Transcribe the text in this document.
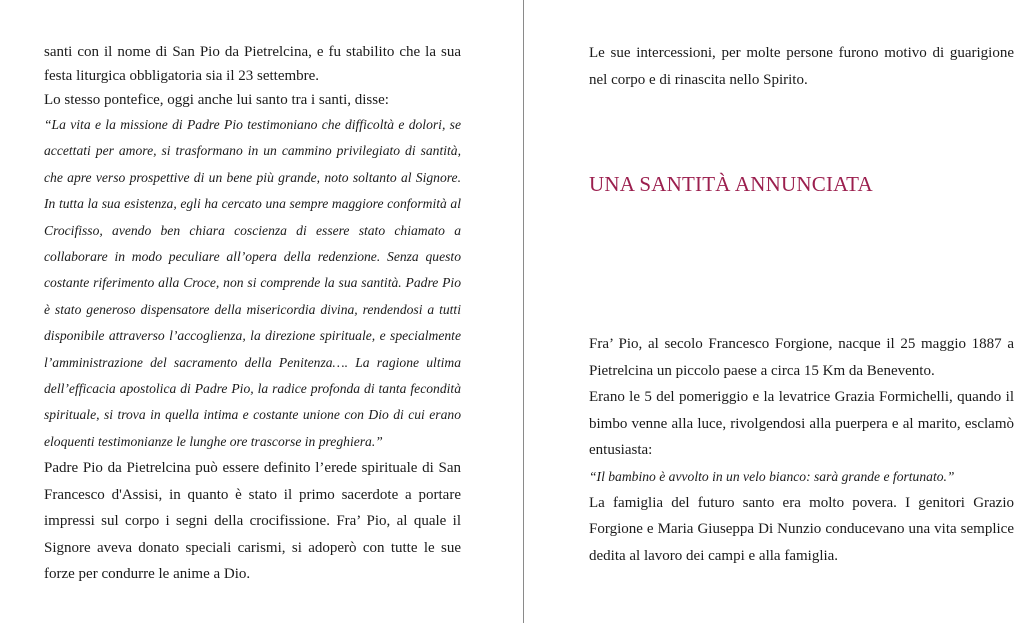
santi con il nome di San Pio da Pietrelcina, e fu stabilito che la sua festa liturgica obbligatoria sia il 23 settembre.

Lo stesso pontefice, oggi anche lui santo tra i santi, disse:

“La vita e la missione di Padre Pio testimoniano che difficoltà e dolori, se accettati per amore, si trasformano in un cammino privilegiato di santità, che apre verso prospettive di un bene più grande, noto soltanto al Signore. In tutta la sua esistenza, egli ha cercato una sempre maggiore conformità al Crocifisso, avendo ben chiara coscienza di essere stato chiamato a collaborare in modo peculiare all’opera della redenzione. Senza questo costante riferimento alla Croce, non si comprende la sua santità. Padre Pio è stato generoso dispensatore della misericordia divina, rendendosi a tutti disponibile attraverso l’accoglienza, la direzione spirituale, e specialmente l’amministrazione del sacramento della Penitenza…. La ragione ultima dell’efficacia apostolica di Padre Pio, la radice profonda di tanta fecondità spirituale, si trova in quella intima e costante unione con Dio di cui erano eloquenti testimonianze le lunghe ore trascorse in preghiera.”

Padre Pio da Pietrelcina può essere definito l’erede spirituale di San Francesco d'Assisi, in quanto è stato il primo sacerdote a portare impressi sul corpo i segni della crocifissione. Fra’ Pio, al quale il Signore aveva donato speciali carismi, si adoperò con tutte le sue forze per condurre le anime a Dio.

Le sue intercessioni, per molte persone furono motivo di guarigione nel corpo e di rinascita nello Spirito.

UNA SANTITÀ ANNUNCIATA

Fra’ Pio, al secolo Francesco Forgione, nacque il 25 maggio 1887 a Pietrelcina un piccolo paese a circa 15 Km da Benevento.

Erano le 5 del pomeriggio e la levatrice Grazia Formichelli, quando il bimbo venne alla luce, rivolgendosi alla puerpera e al marito, esclamò entusiasta:

“Il bambino è avvolto in un velo bianco: sarà grande e fortunato.”

La famiglia del futuro santo era molto povera. I genitori Grazio Forgione e Maria Giuseppa Di Nunzio conducevano una vita semplice dedita al lavoro dei campi e alla famiglia.
